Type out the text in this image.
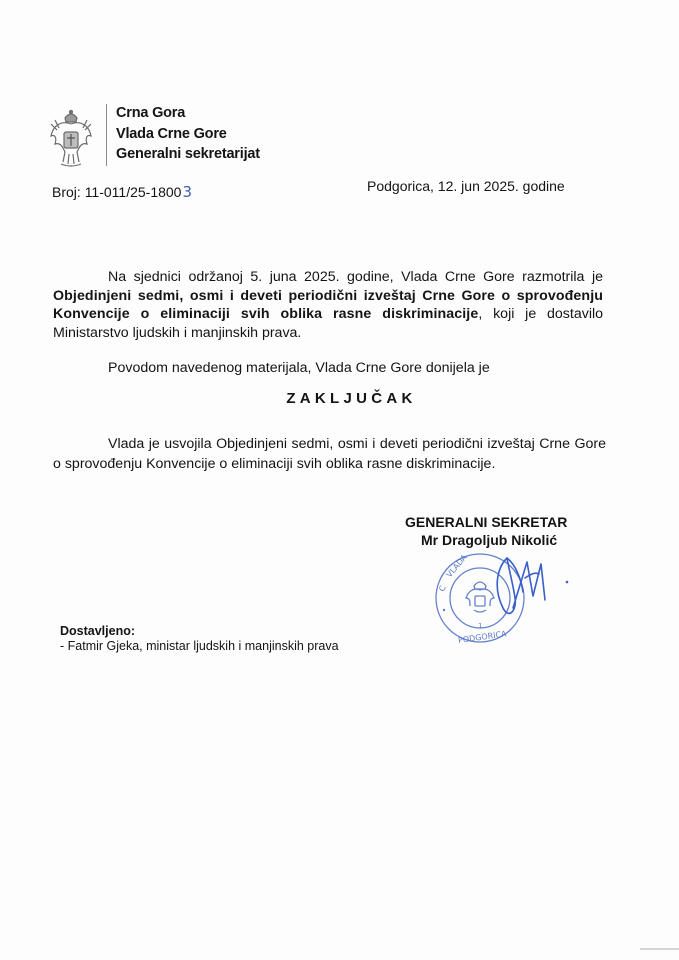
Crna Gora
Vlada Crne Gore
Generalni sekretarijat
Broj: 11-011/25-18003	Podgorica, 12. jun 2025. godine
Na sjednici održanoj 5. juna 2025. godine, Vlada Crne Gore razmotrila je Objedinjeni sedmi, osmi i deveti periodični izveštaj Crne Gore o sprovođenju Konvencije o eliminaciji svih oblika rasne diskriminacije, koji je dostavilo Ministarstvo ljudskih i manjinskih prava.
Povodom navedenog materijala, Vlada Crne Gore donijela je
ZAKLJUČAK
Vlada je usvojila Objedinjeni sedmi, osmi i deveti periodični izveštaj Crne Gore o sprovođenju Konvencije o eliminaciji svih oblika rasne diskriminacije.
GENERALNI SEKRETAR
Mr Dragoljub Nikolić
C
VLADA
1
PODGORICA
Dostavljeno:
- Fatmir Gjeka, ministar ljudskih i manjinskih prava
